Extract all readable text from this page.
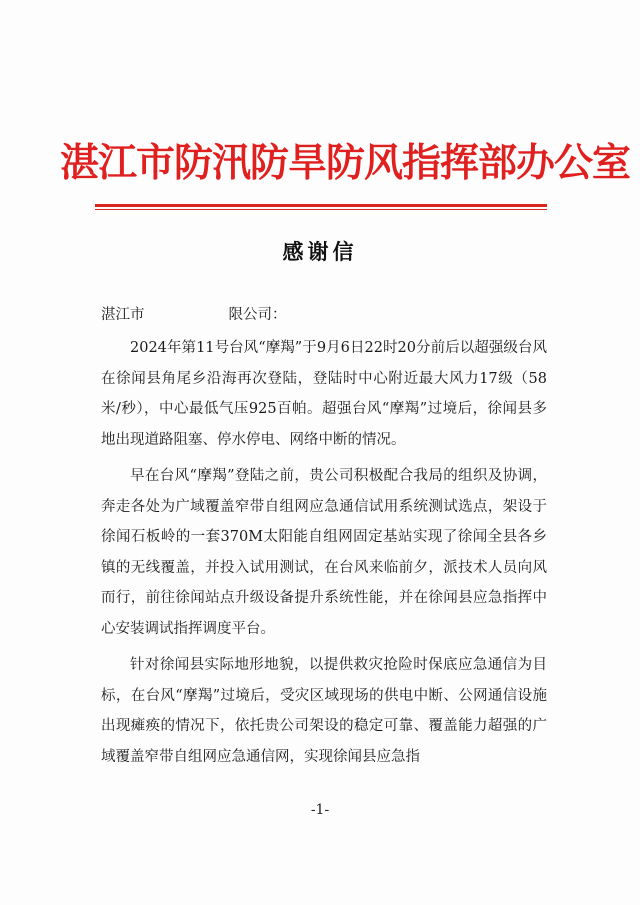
湛江市防汛防旱防风指挥部办公室
感谢信
湛江市	限公司：

2024年第11号台风“摩羯”于9月6日22时20分前后以超强级台风在徐闻县角尾乡沿海再次登陆，登陆时中心附近最大风力17级（58米/秒），中心最低气压925百帕。超强台风“摩羯”过境后，徐闻县多地出现道路阻塞、停水停电、网络中断的情况。

早在台风“摩羯”登陆之前，贵公司积极配合我局的组织及协调，奔走各处为广域覆盖窄带自组网应急通信试用系统测试选点，架设于徐闻石板岭的一套370M太阳能自组网固定基站实现了徐闻全县各乡镇的无线覆盖，并投入试用测试，在台风来临前夕，派技术人员向风而行，前往徐闻站点升级设备提升系统性能，并在徐闻县应急指挥中心安装调试指挥调度平台。

针对徐闻县实际地形地貌，以提供救灾抢险时保底应急通信为目标，在台风“摩羯”过境后，受灾区域现场的供电中断、公网通信设施出现瘫痪的情况下，依托贵公司架设的稳定可靠、覆盖能力超强的广域覆盖窄带自组网应急通信网，实现徐闻县应急指

-1-
